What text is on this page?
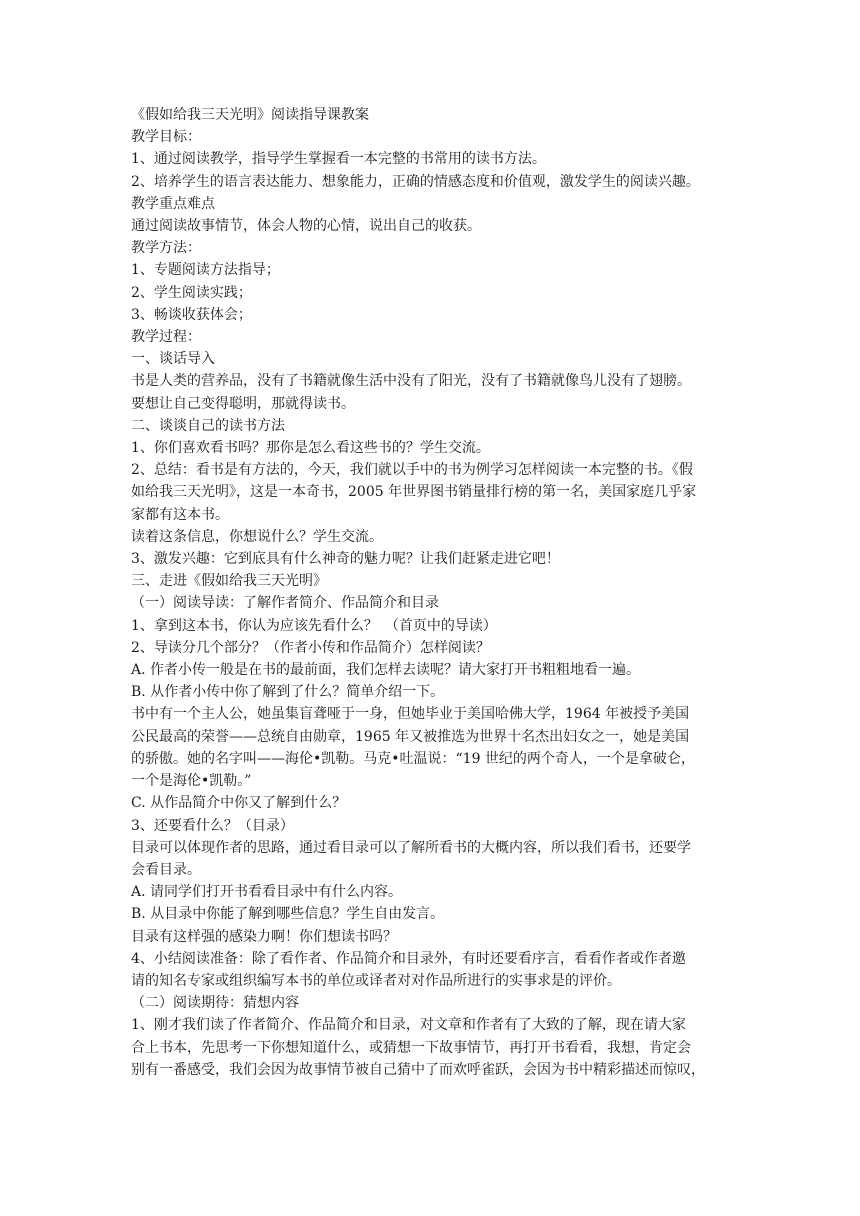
《假如给我三天光明》阅读指导课教案

教学目标：

1、通过阅读教学，指导学生掌握看一本完整的书常用的读书方法。

2、培养学生的语言表达能力、想象能力，正确的情感态度和价值观，激发学生的阅读兴趣。

教学重点难点

通过阅读故事情节，体会人物的心情，说出自己的收获。

教学方法：

1、专题阅读方法指导；

2、学生阅读实践；

3、畅谈收获体会；

教学过程：

一、谈话导入

书是人类的营养品，没有了书籍就像生活中没有了阳光，没有了书籍就像鸟儿没有了翅膀。

要想让自己变得聪明，那就得读书。

二、谈谈自己的读书方法

1、你们喜欢看书吗？那你是怎么看这些书的？学生交流。

2、总结：看书是有方法的，今天，我们就以手中的书为例学习怎样阅读一本完整的书。《假

如给我三天光明》，这是一本奇书，2005 年世界图书销量排行榜的第一名，美国家庭几乎家

家都有这本书。

读着这条信息，你想说什么？学生交流。

3、激发兴趣：它到底具有什么神奇的魅力呢？让我们赶紧走进它吧！

三、走进《假如给我三天光明》

（一）阅读导读：了解作者简介、作品简介和目录

1、拿到这本书，你认为应该先看什么？　（首页中的导读）

2、导读分几个部分？（作者小传和作品简介）怎样阅读？

A. 作者小传一般是在书的最前面，我们怎样去读呢？请大家打开书粗粗地看一遍。

B. 从作者小传中你了解到了什么？简单介绍一下。

书中有一个主人公，她虽集盲聋哑于一身，但她毕业于美国哈佛大学，1964 年被授予美国

公民最高的荣誉——总统自由勋章，1965 年又被推选为世界十名杰出妇女之一，她是美国

的骄傲。她的名字叫——海伦•凯勒。马克•吐温说：“19 世纪的两个奇人，一个是拿破仑，

一个是海伦•凯勒。”

C. 从作品简介中你又了解到什么？

3、还要看什么？（目录）

目录可以体现作者的思路，通过看目录可以了解所看书的大概内容，所以我们看书，还要学

会看目录。

A. 请同学们打开书看看目录中有什么内容。

B. 从目录中你能了解到哪些信息？学生自由发言。

目录有这样强的感染力啊！你们想读书吗？

4、小结阅读准备：除了看作者、作品简介和目录外，有时还要看序言，看看作者或作者邀

请的知名专家或组织编写本书的单位或译者对对作品所进行的实事求是的评价。

（二）阅读期待：猜想内容

1、刚才我们读了作者简介、作品简介和目录，对文章和作者有了大致的了解，现在请大家

合上书本，先思考一下你想知道什么，或猜想一下故事情节，再打开书看看，我想，肯定会

别有一番感受，我们会因为故事情节被自己猜中了而欢呼雀跃，会因为书中精彩描述而惊叹，
